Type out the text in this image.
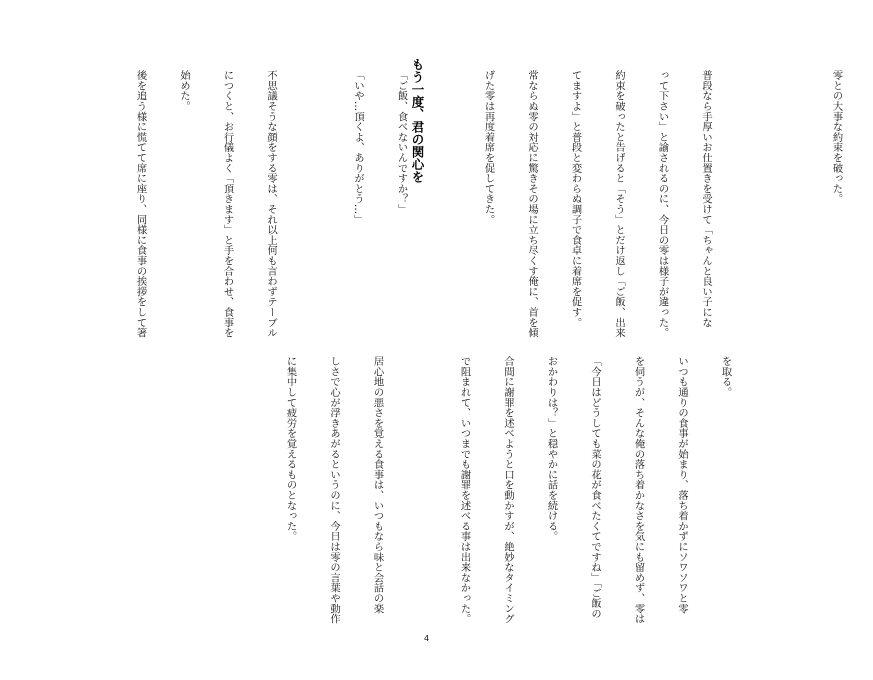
もう一度、君の関心を

	零との大事な約束を破った。

普段なら手厚いお仕置きを受けて「ちゃんと良い子にな

って下さい」と諭されるのに、今日の零は様子が違った。

約束を破ったと告げると「そう」とだけ返し「ご飯、出来

てますよ」と普段と変わらぬ調子で食卓に着席を促す。

常ならぬ零の対応に驚きその場に立ち尽くす俺に、首を傾

げた零は再度着席を促してきた。

「ご飯、食べないんですか？」

「いや…頂くよ、ありがとう…」

不思議そうな顔をする零は、それ以上何も言わずテーブル

につくと、お行儀よく「頂きます」と手を合わせ、食事を

始めた。

後を追う様に慌てて席に座り、同様に食事の挨拶をして箸

を取る。

いつも通りの食事が始まり、落ち着かずにソワソワと零

を伺うが、そんな俺の落ち着かなさを気にも留めず、零は

「今日はどうしても菜の花が食べたくてですね」「ご飯の

おかわりは？」と穏やかに話を続ける。

合間に謝罪を述べようと口を動かすが、絶妙なタイミング

で阻まれて、いつまでも謝罪を述べる事は出来なかった。

居心地の悪さを覚える食事は、いつもなら味と会話の楽

しさで心が浮きあがるというのに、今日は零の言葉や動作

に集中して疲労を覚えるものとなった。

4
